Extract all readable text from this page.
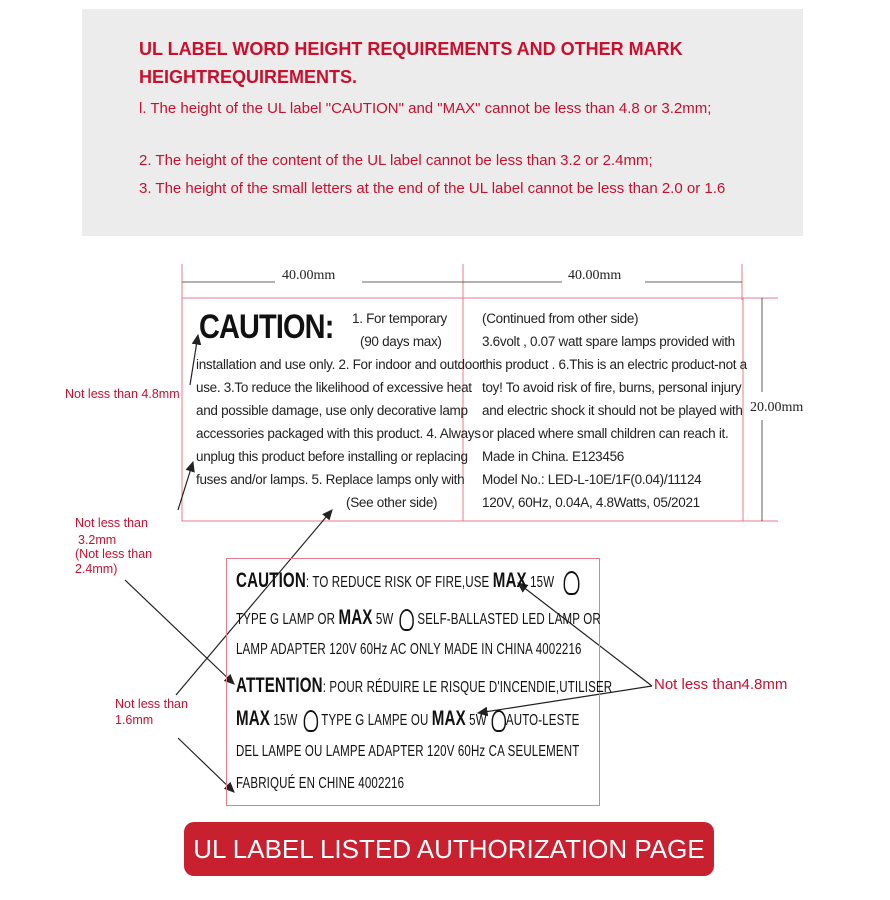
UL LABEL WORD HEIGHT REQUIREMENTS AND OTHER MARK HEIGHTREQUIREMENTS.
l. The height of the UL label "CAUTION" and "MAX" cannot be less than 4.8 or 3.2mm;
2. The height of the content of the UL label cannot be less than 3.2 or 2.4mm;
3. The height of the small letters at the end of the UL label cannot be less than 2.0 or 1.6
40.00mm	40.00mm
20.00mm
CAUTION: 1. For temporary
(90 days max)
installation and use only. 2. For indoor and outdoor
use. 3.To reduce the likelihood of excessive heat
and possible damage, use only decorative lamp
accessories packaged with this product. 4. Always
unplug this product before installing or replacing
fuses and/or lamps. 5. Replace lamps only with
(See other side)
(Continued from other side)
3.6volt , 0.07 watt spare lamps provided with
this product . 6.This is an electric product-not a
toy! To avoid risk of fire, burns, personal injury
and electric shock it should not be played with
or placed where small children can reach it.
Made in China. E123456
Model No.: LED-L-10E/1F(0.04)/11124
120V, 60Hz, 0.04A, 4.8Watts, 05/2021
Not less than 4.8mm
Not less than
3.2mm
(Not less than
2.4mm)
Not less than
1.6mm
Not less than4.8mm
CAUTION: TO REDUCE RISK OF FIRE,USE MAX 15W
TYPE G LAMP OR MAX 5W  SELF-BALLASTED LED LAMP OR
LAMP ADAPTER 120V 60Hz AC ONLY MADE IN CHINA 4002216
ATTENTION: POUR RÉDUIRE LE RISQUE D'INCENDIE,UTILISER
MAX 15W  TYPE G LAMPE OU MAX 5W AUTO-LESTE
DEL LAMPE OU LAMPE ADAPTER 120V 60Hz CA SEULEMENT
FABRIQUÉ EN CHINE 4002216
UL LABEL LISTED AUTHORIZATION PAGE
